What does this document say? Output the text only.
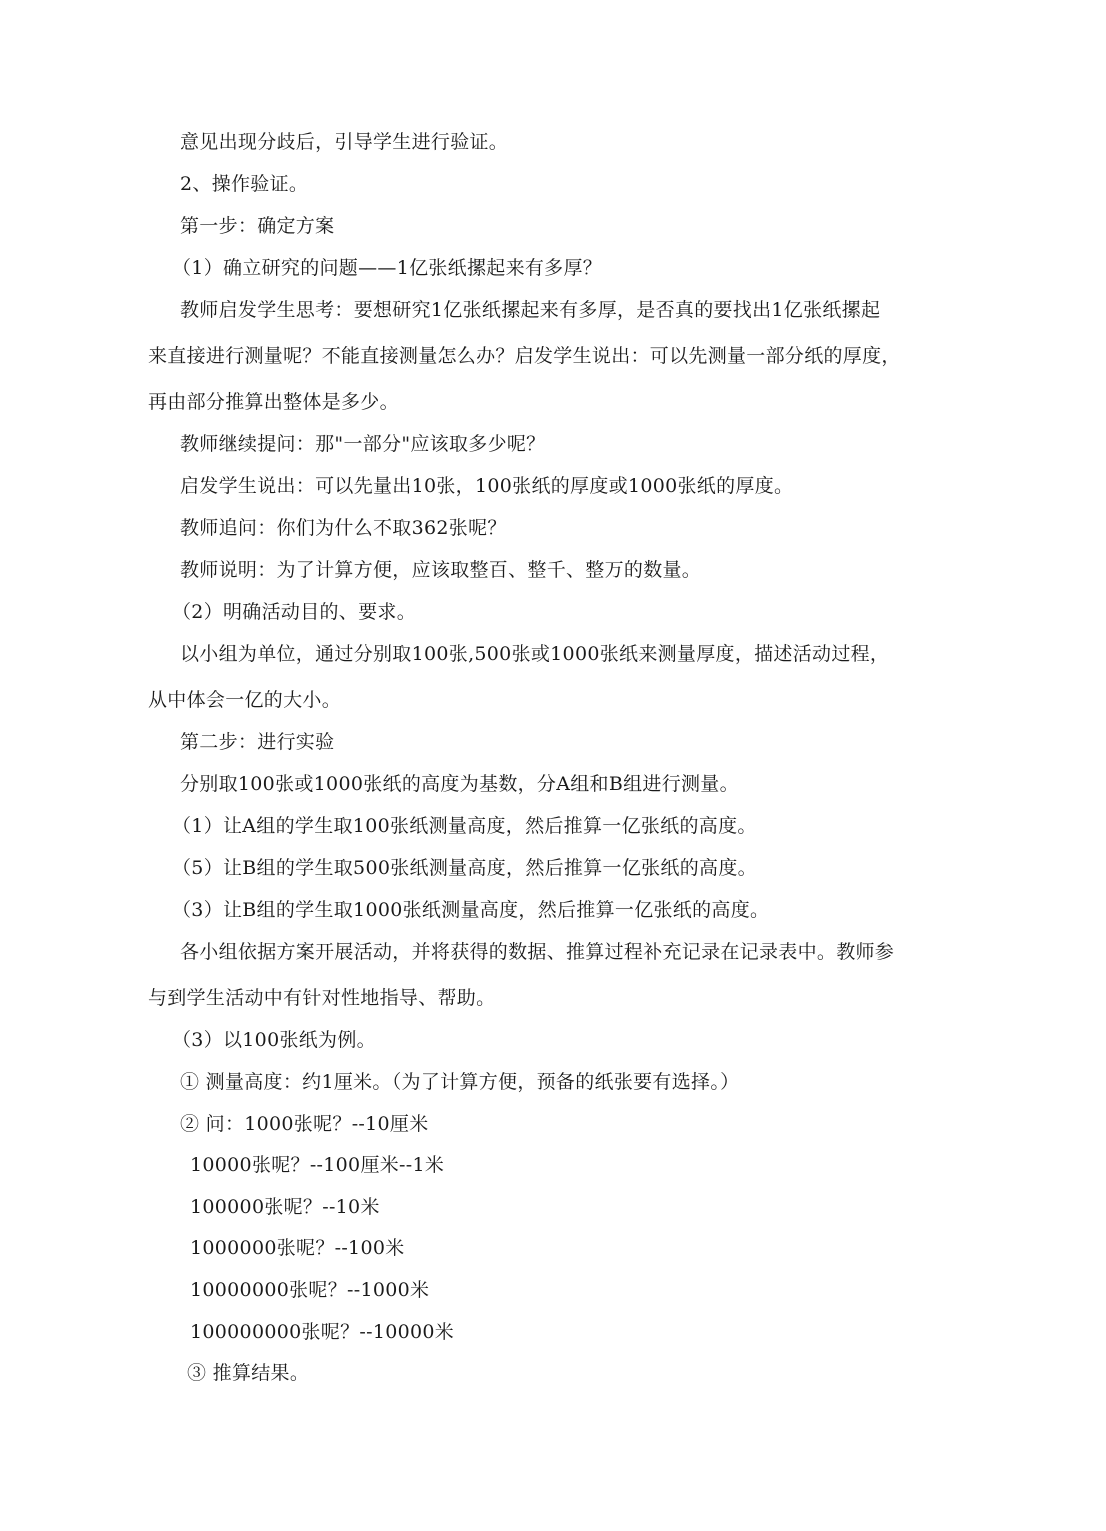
意见出现分歧后，引导学生进行验证。
2、操作验证。
第一步：确定方案
（1）确立研究的问题——1亿张纸摞起来有多厚？
教师启发学生思考：要想研究1亿张纸摞起来有多厚，是否真的要找出1亿张纸摞起
来直接进行测量呢？不能直接测量怎么办？启发学生说出：可以先测量一部分纸的厚度，
再由部分推算出整体是多少。
教师继续提问：那"一部分"应该取多少呢？
启发学生说出：可以先量出10张，100张纸的厚度或1000张纸的厚度。
教师追问：你们为什么不取362张呢？
教师说明：为了计算方便，应该取整百、整千、整万的数量。
（2）明确活动目的、要求。
以小组为单位，通过分别取100张,500张或1000张纸来测量厚度，描述活动过程，
从中体会一亿的大小。
第二步：进行实验
分别取100张或1000张纸的高度为基数，分A组和B组进行测量。
（1）让A组的学生取100张纸测量高度，然后推算一亿张纸的高度。
（5）让B组的学生取500张纸测量高度，然后推算一亿张纸的高度。
（3）让B组的学生取1000张纸测量高度，然后推算一亿张纸的高度。
各小组依据方案开展活动，并将获得的数据、推算过程补充记录在记录表中。教师参
与到学生活动中有针对性地指导、帮助。
（3）以100张纸为例。
① 测量高度：约1厘米。（为了计算方便，预备的纸张要有选择。）
② 问：1000张呢？--10厘米
10000张呢？--100厘米--1米
100000张呢？--10米
1000000张呢？--100米
10000000张呢？--1000米
100000000张呢？--10000米
③ 推算结果。
